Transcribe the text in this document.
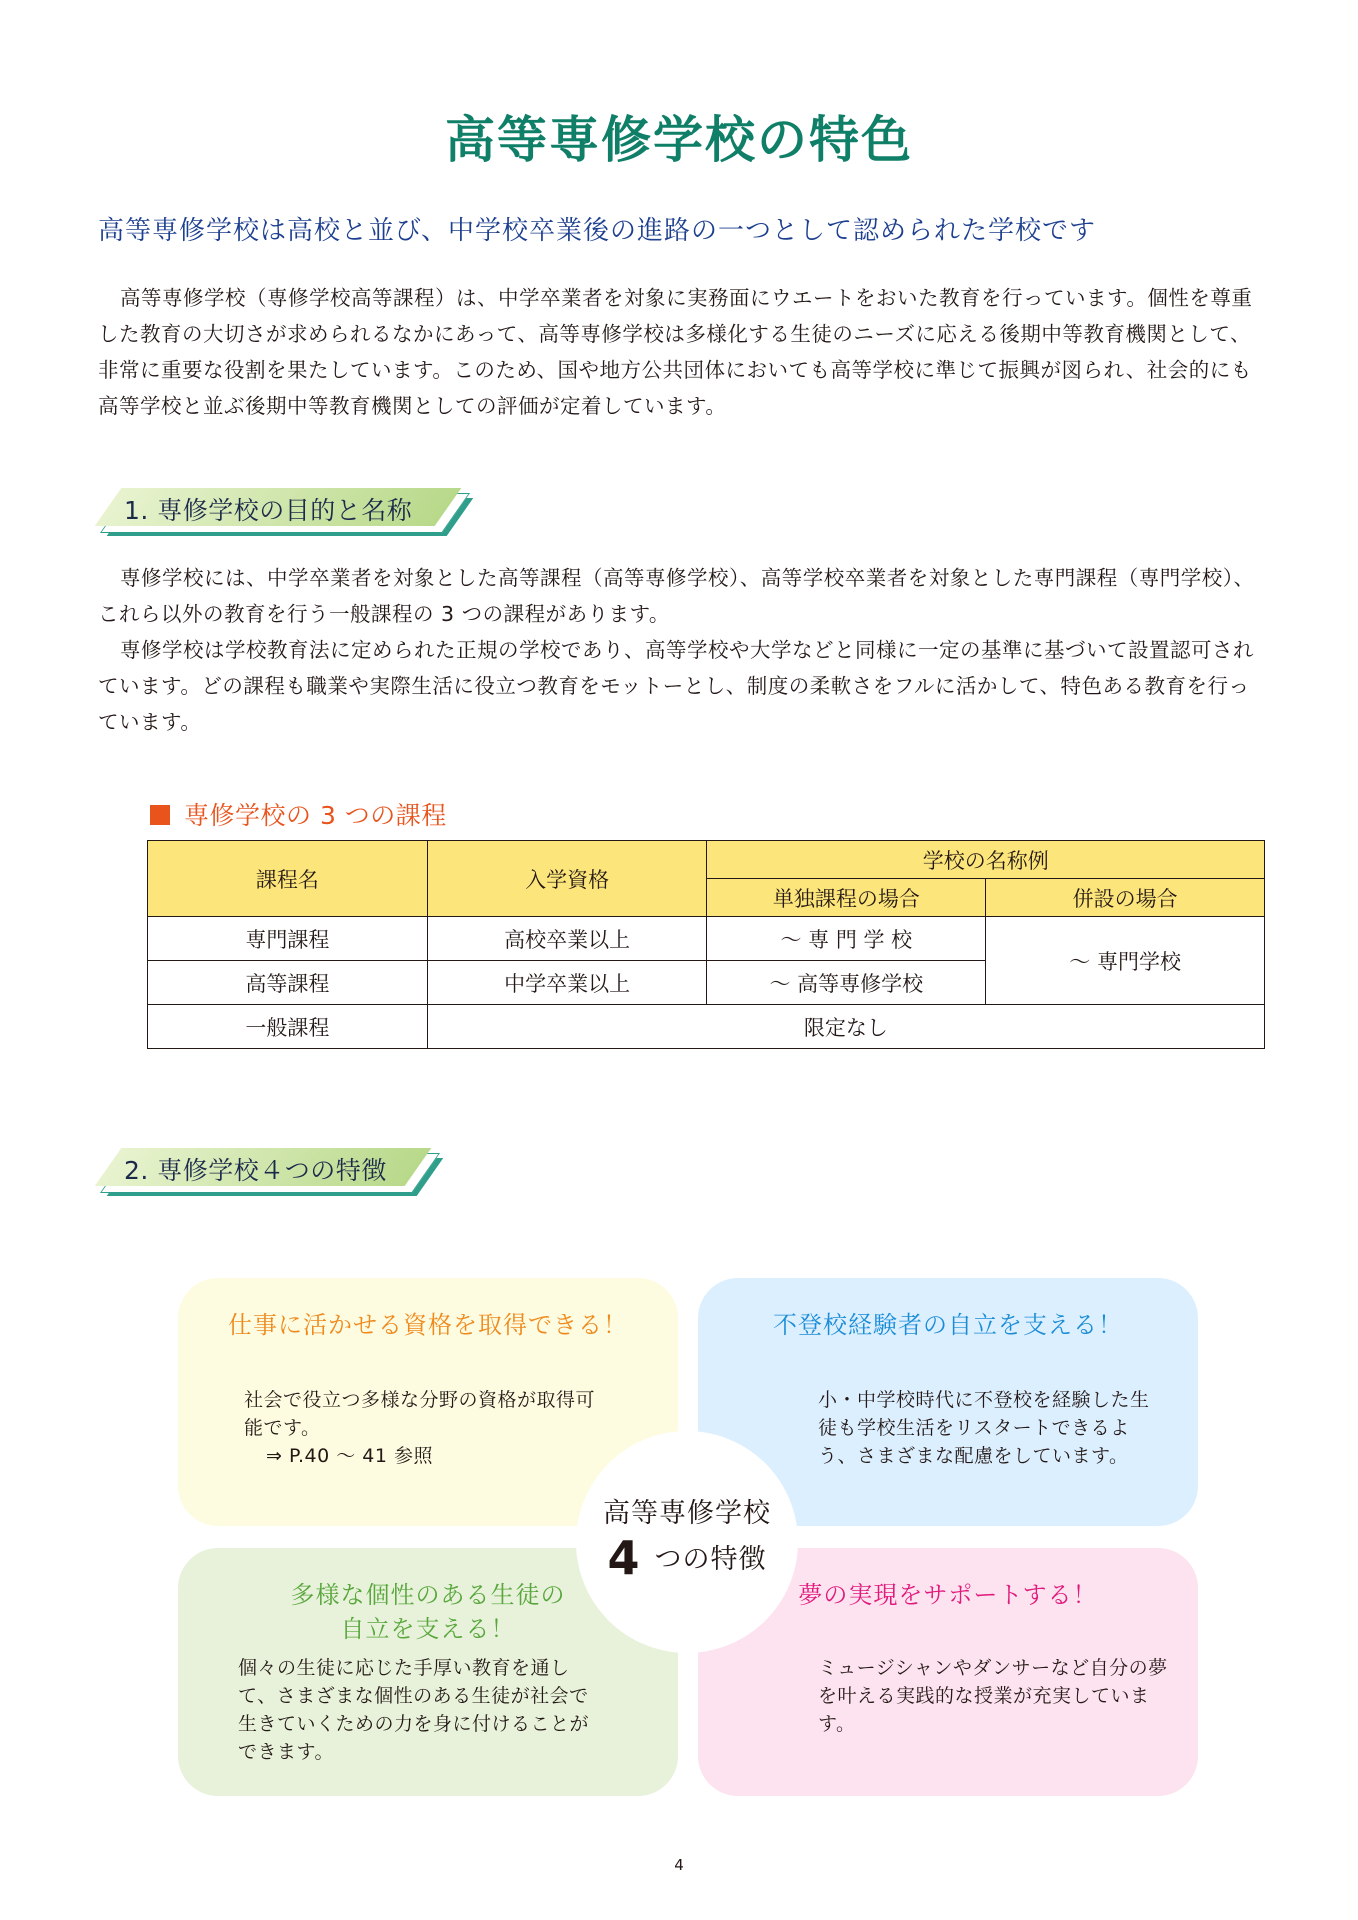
高等専修学校の特色
高等専修学校は高校と並び、中学校卒業後の進路の一つとして認められた学校です

高等専修学校（専修学校高等課程）は、中学卒業者を対象に実務面にウエートをおいた教育を行っています。個性を尊重した教育の大切さが求められるなかにあって、高等専修学校は多様化する生徒のニーズに応える後期中等教育機関として、非常に重要な役割を果たしています。このため、国や地方公共団体においても高等学校に準じて振興が図られ、社会的にも高等学校と並ぶ後期中等教育機関としての評価が定着しています。

1. 専修学校の目的と名称

専修学校には、中学卒業者を対象とした高等課程（高等専修学校）、高等学校卒業者を対象とした専門課程（専門学校）、これら以外の教育を行う一般課程の 3 つの課程があります。

専修学校は学校教育法に定められた正規の学校であり、高等学校や大学などと同様に一定の基準に基づいて設置認可されています。どの課程も職業や実際生活に役立つ教育をモットーとし、制度の柔軟さをフルに活かして、特色ある教育を行っています。

専修学校の 3 つの課程
課程名	入学資格	学校の名称例	
		単独課程の場合	併設の場合
専門課程	高校卒業以上	～ 専 門 学 校	～ 専門学校
高等課程	中学卒業以上	～ 高等専修学校	
一般課程	限定なし		
2. 専修学校４つの特徴
仕事に活かせる資格を取得できる！
社会で役立つ多様な分野の資格が取得可能です。
⇒ P.40 ～ 41 参照
不登校経験者の自立を支える！
小・中学校時代に不登校を経験した生徒も学校生活をリスタートできるよう、さまざまな配慮をしています。
多様な個性のある生徒の
自立を支える！
個々の生徒に応じた手厚い教育を通して、さまざまな個性のある生徒が社会で生きていくための力を身に付けることができます。
夢の実現をサポートする！
ミュージシャンやダンサーなど自分の夢を叶える実践的な授業が充実しています。
高等専修学校
4 つの特徴
4
